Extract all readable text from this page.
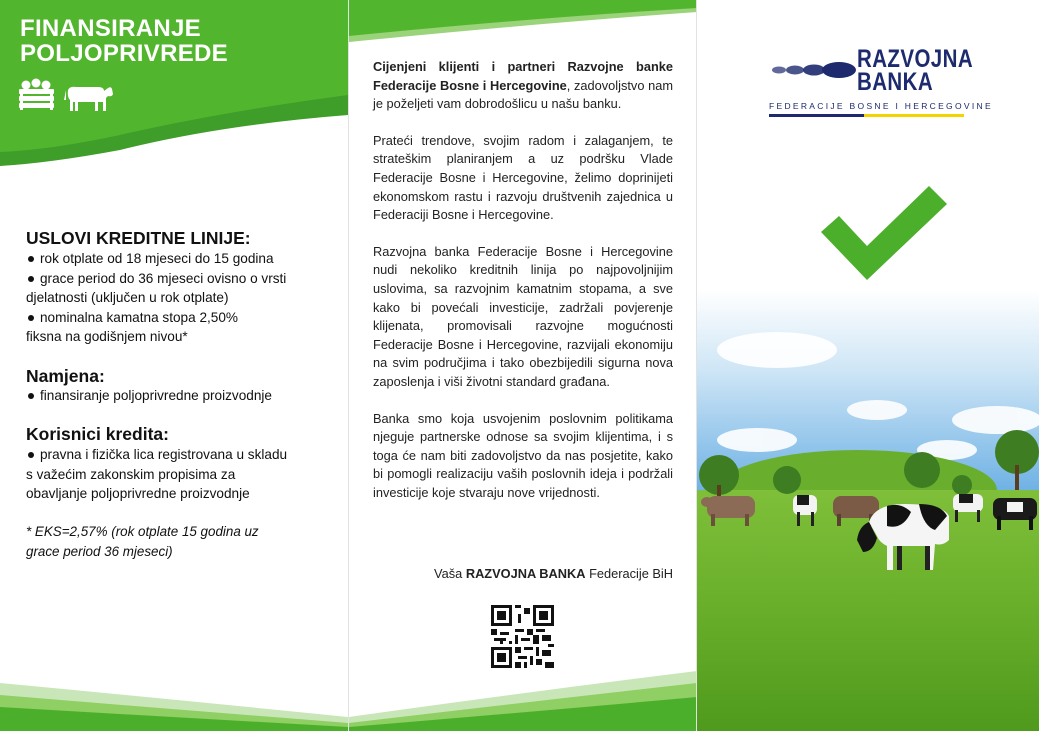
FINANSIRANJE
POLJOPRIVREDE
USLOVI KREDITNE LINIJE:
rok otplate od 18 mjeseci do 15 godina
grace period do 36 mjeseci ovisno o vrsti
djelatnosti (uključen u rok otplate)
nominalna kamatna stopa 2,50%
fiksna na godišnjem nivou*
Namjena:
finansiranje poljoprivredne proizvodnje
Korisnici kredita:
pravna i fizička lica registrovana u skladu
s važećim zakonskim propisima za
obavljanje poljoprivredne proizvodnje
* EKS=2,57% (rok otplate 15 godina uz
grace period 36 mjeseci)

Cijenjeni klijenti i partneri Razvojne banke Federacije Bosne i Hercegovine, zadovoljstvo nam je poželjeti vam dobrodošlicu u našu banku.

Prateći trendove, svojim radom i zalaganjem, te strateškim planiranjem a uz podršku Vlade Federacije Bosne i Hercegovine, želimo doprinijeti ekonomskom rastu i razvoju društvenih zajednica u Federaciji Bosne i Hercegovine.

Razvojna banka Federacije Bosne i Hercegovine nudi nekoliko kreditnih linija po najpovoljnijim uslovima, sa razvojnim kamatnim stopama, a sve kako bi povećali investicije, zadržali povjerenje klijenata, promovisali razvojne mogućnosti Federacije Bosne i Hercegovine, razvijali ekonomiju na svim područjima i tako obezbijedili sigurna nova zaposlenja i viši životni standard građana.

Banka smo koja usvojenim poslovnim politikama njeguje partnerske odnose sa svojim klijentima, i s toga će nam biti zadovoljstvo da nas posjetite, kako bi pomogli realizaciju vaših poslovnih ideja i podržali investicije koje stvaraju nove vrijednosti.

Vaša RAZVOJNA BANKA Federacije BiH
RAZVOJNA
BANKA
FEDERACIJE BOSNE I HERCEGOVINE
